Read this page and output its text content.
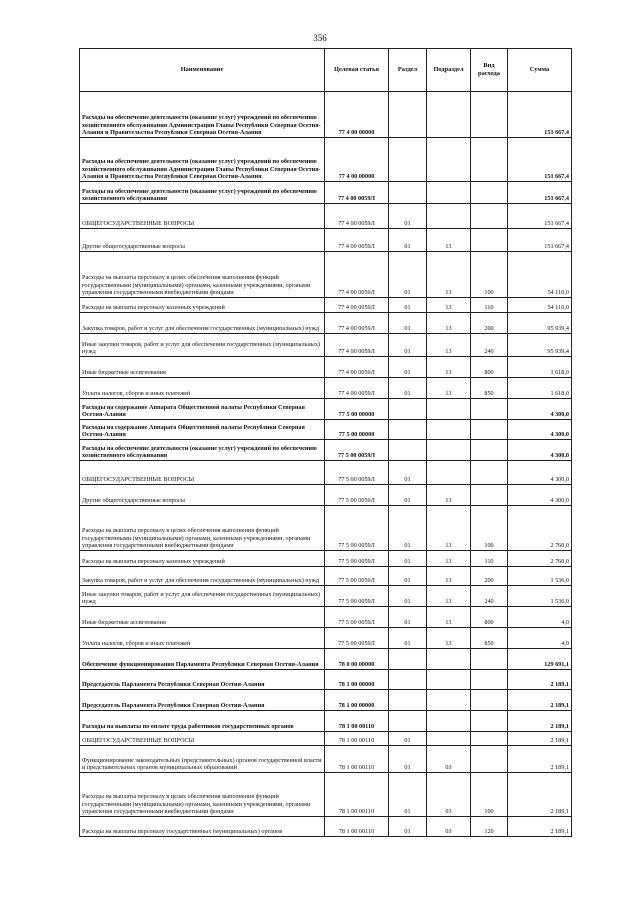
356
Наименование	Целевая статья	Раздел	Подраздел	Вид расхода	Сумма
Расходы на обеспечение деятельности (оказание услуг) учреждений по обеспечению хозяйственного обслуживания Администрации Главы Республики Северная Осетия-Алания и Правительства Республики Северная Осетия-Алания	77 4 00 00000				151 667,4
Расходы на обеспечение деятельности (оказание услуг) учреждений по обеспечению хозяйственного обслуживания Администрации Главы Республики Северная Осетия-Алания и Правительства Республики Северная Осетия-Алания	77 4 00 00000				151 667,4
Расходы на обеспечение деятельности (оказание услуг) учреждений по обеспечению хозяйственного обслуживания	77 4 00 0059Л				151 667,4
ОБЩЕГОСУДАРСТВЕННЫЕ ВОПРОСЫ	77 4 00 0059Л	01			151 667,4
Другие общегосударственные вопросы	77 4 00 0059Л	01	13		151 667,4
Расходы на выплаты персоналу в целях обеспечения выполнения функций государственными (муниципальными) органами, казенными учреждениями, органами управления государственными внебюджетными фондами	77 4 00 0059Л	01	13	100	54 110,0
Расходы на выплаты персоналу казенных учреждений	77 4 00 0059Л	01	13	110	54 110,0
Закупка товаров, работ и услуг для обеспечения государственных (муниципальных) нужд	77 4 00 0059Л	01	13	200	95 939,4
Иные закупки товаров, работ и услуг для обеспечения государственных (муниципальных) нужд	77 4 00 0059Л	01	13	240	95 939,4
Иные бюджетные ассигнования	77 4 00 0059Л	01	13	800	1 618,0
Уплата налогов, сборов и иных платежей	77 4 00 0059Л	01	13	850	1 618,0
Расходы на содержание Аппарата Общественной палаты Республики Северная Осетия-Алания	77 5 00 00000				4 300,0
Расходы на содержание Аппарата Общественной палаты Республики Северная Осетия-Алания	77 5 00 00000				4 300,0
Расходы на обеспечение деятельности (оказание услуг) учреждений по обеспечению хозяйственного обслуживания	77 5 00 0059Л				4 300,0
ОБЩЕГОСУДАРСТВЕННЫЕ ВОПРОСЫ	77 5 00 0059Л	01			4 300,0
Другие общегосударственные вопросы	77 5 00 0059Л	01	13		4 300,0
Расходы на выплаты персоналу в целях обеспечения выполнения функций государственными (муниципальными) органами, казенными учреждениями, органами управления государственными внебюджетными фондами	77 5 00 0059Л	01	13	100	2 760,0
Расходы на выплаты персоналу казенных учреждений	77 5 00 0059Л	01	13	110	2 760,0
Закупка товаров, работ и услуг для обеспечения государственных (муниципальных) нужд	77 5 00 0059Л	01	13	200	1 536,0
Иные закупки товаров, работ и услуг для обеспечения государственных (муниципальных) нужд	77 5 00 0059Л	01	13	240	1 536,0
Иные бюджетные ассигнования	77 5 00 0059Л	01	13	800	4,0
Уплата налогов, сборов и иных платежей	77 5 00 0059Л	01	13	850	4,0
Обеспечение функционирования Парламента Республики Северная Осетия-Алания	78 0 00 00000				129 691,1
Председатель Парламента Республики Северная Осетия-Алания	78 1 00 00000				2 189,1
Председатель Парламента Республики Северная Осетия-Алания	78 1 00 00000				2 189,1
Расходы на выплаты по оплате труда работников государственных органов	78 1 00 00110				2 189,1
ОБЩЕГОСУДАРСТВЕННЫЕ ВОПРОСЫ	78 1 00 00110	01			2 189,1
Функционирование законодательных (представительных) органов государственной власти и представительных органов муниципальных образований	78 1 00 00110	01	03		2 189,1
Расходы на выплаты персоналу в целях обеспечения выполнения функций государственными (муниципальными) органами, казенными учреждениями, органами управления государственными внебюджетными фондами	78 1 00 00110	01	03	100	2 189,1
Расходы на выплаты персоналу государственных (муниципальных) органов	78 1 00 00110	01	03	120	2 189,1
